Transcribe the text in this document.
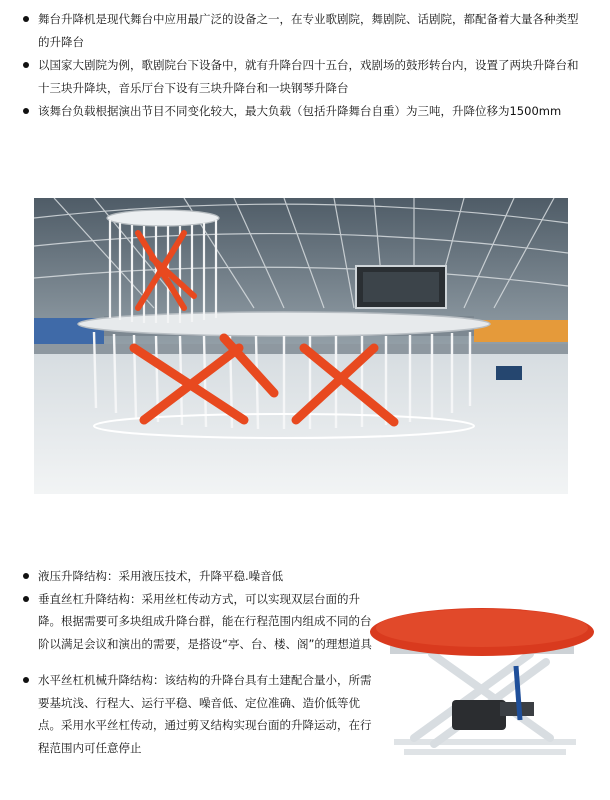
舞台升降机是现代舞台中应用最广泛的设备之一，在专业歌剧院，舞剧院、话剧院，都配备着大量各种类型的升降台
以国家大剧院为例，歌剧院台下设备中，就有升降台四十五台，戏剧场的鼓形转台内，设置了两块升降台和十三块升降块，音乐厅台下设有三块升降台和一块钢琴升降台
该舞台负载根据演出节目不同变化较大，最大负载（包括升降舞台自重）为三吨，升降位移为1500mm
液压升降结构：采用液压技术，升降平稳.噪音低
垂直丝杠升降结构：采用丝杠传动方式，可以实现双层台面的升降。根据需要可多块组成升降台群，能在行程范围内组成不同的台阶以满足会议和演出的需要，是搭设“亭、台、楼、阁”的理想道具
水平丝杠机械升降结构：该结构的升降台具有土建配合量小，所需要基坑浅、行程大、运行平稳、噪音低、定位准确、造价低等优点。采用水平丝杠传动，通过剪叉结构实现台面的升降运动，在行程范围内可任意停止
